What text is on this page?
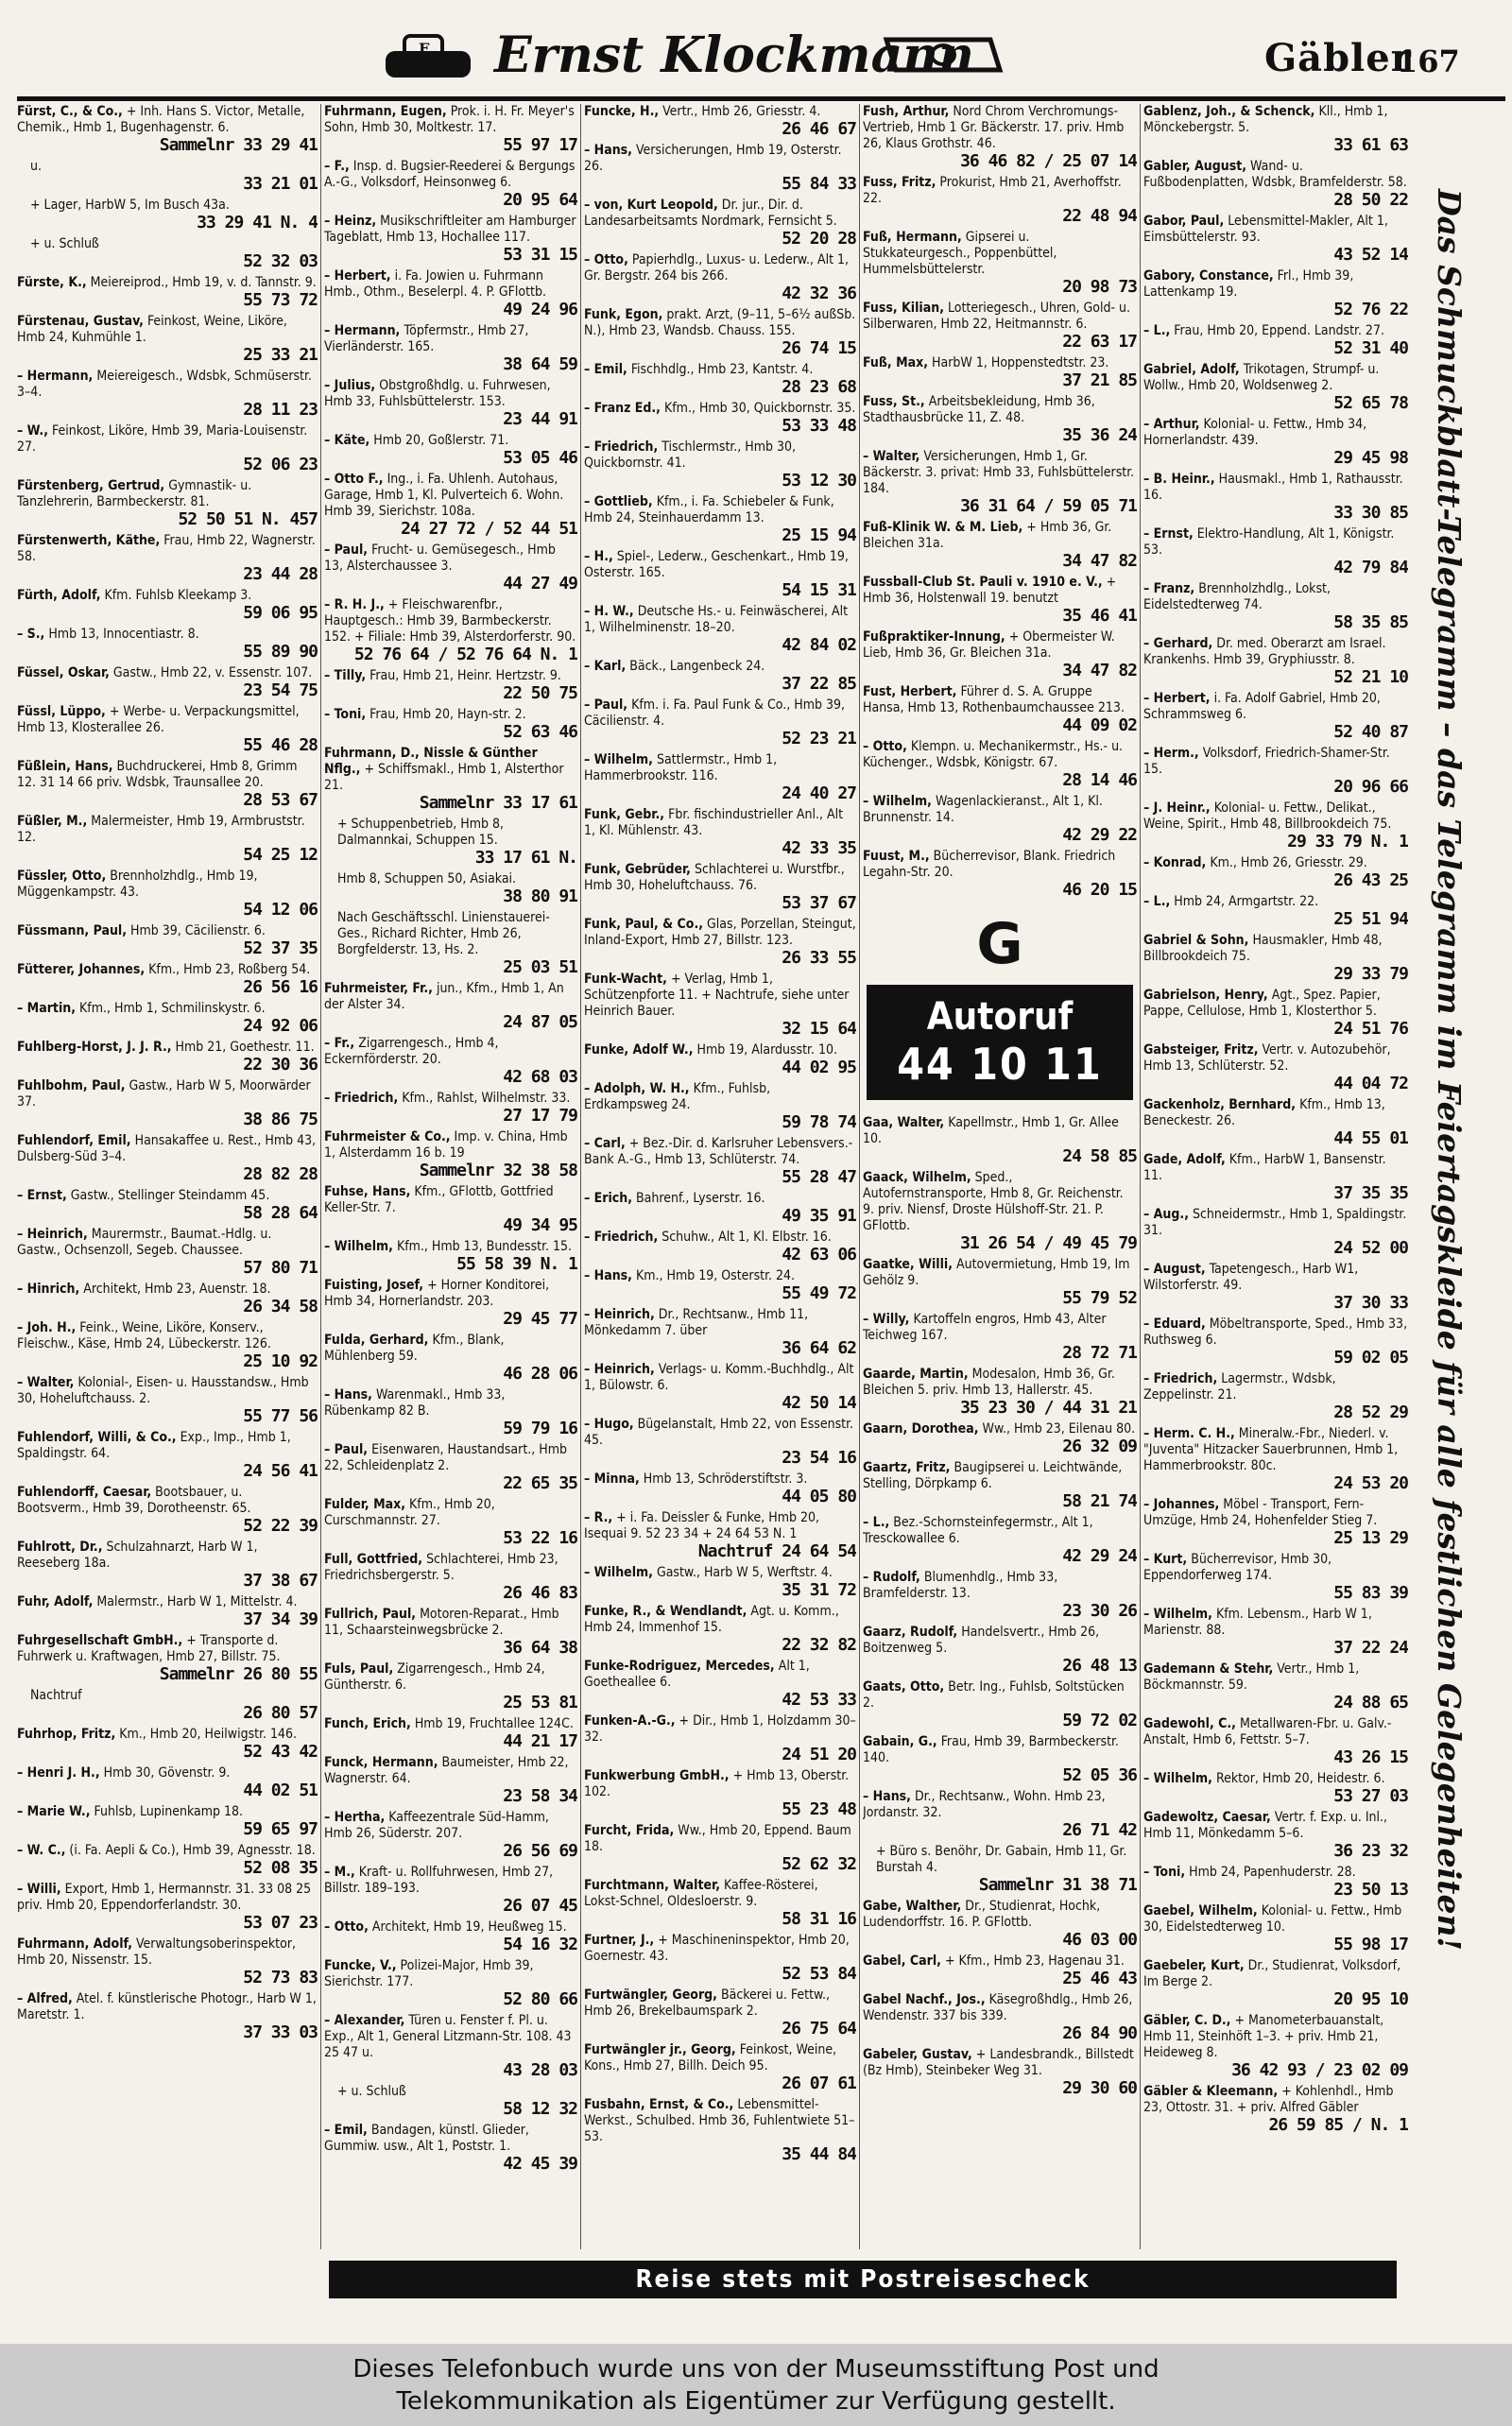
E Ernst Klockmann	Gäbler
167
Fürst, C., & Co., + Inh. Hans S. Victor, Metalle, Chemik., Hmb 1, Bugenhagenstr. 6.
Sammelnr 33 29 41
u.
33 21 01
+ Lager, HarbW 5, Im Busch 43a.
33 29 41 N. 4
+ u. Schluß
52 32 03
Fürste, K., Meiereiprod., Hmb 19, v. d. Tannstr. 9.
55 73 72
Fürstenau, Gustav, Feinkost, Weine, Liköre, Hmb 24, Kuhmühle 1.
25 33 21
– Hermann, Meiereigesch., Wdsbk, Schmüserstr. 3–4.
28 11 23
– W., Feinkost, Liköre, Hmb 39, Maria-Louisenstr. 27.
52 06 23
Fürstenberg, Gertrud, Gymnastik- u. Tanzlehrerin, Barmbeckerstr. 81.
52 50 51 N. 457
Fürstenwerth, Käthe, Frau, Hmb 22, Wagnerstr. 58.
23 44 28
Fürth, Adolf, Kfm. Fuhlsb Kleekamp 3.
59 06 95
– S., Hmb 13, Innocentiastr. 8.
55 89 90
Füssel, Oskar, Gastw., Hmb 22, v. Essenstr. 107.
23 54 75
Füssl, Lüppo, + Werbe- u. Verpackungsmittel, Hmb 13, Klosterallee 26.
55 46 28
Füßlein, Hans, Buchdruckerei, Hmb 8, Grimm 12. 31 14 66 priv. Wdsbk, Traunsallee 20.
28 53 67
Füßler, M., Malermeister, Hmb 19, Armbruststr. 12.
54 25 12
Füssler, Otto, Brennholzhdlg., Hmb 19, Müggenkampstr. 43.
54 12 06
Füssmann, Paul, Hmb 39, Cäcilienstr. 6.
52 37 35
Fütterer, Johannes, Kfm., Hmb 23, Roßberg 54.
26 56 16
– Martin, Kfm., Hmb 1, Schmilinskystr. 6.
24 92 06
Fuhlberg-Horst, J. J. R., Hmb 21, Goethestr. 11.
22 30 36
Fuhlbohm, Paul, Gastw., Harb W 5, Moorwärder 37.
38 86 75
Fuhlendorf, Emil, Hansakaffee u. Rest., Hmb 43, Dulsberg-Süd 3–4.
28 82 28
– Ernst, Gastw., Stellinger Steindamm 45.
58 28 64
– Heinrich, Maurermstr., Baumat.-Hdlg. u. Gastw., Ochsenzoll, Segeb. Chaussee.
57 80 71
– Hinrich, Architekt, Hmb 23, Auenstr. 18.
26 34 58
– Joh. H., Feink., Weine, Liköre, Konserv., Fleischw., Käse, Hmb 24, Lübeckerstr. 126.
25 10 92
– Walter, Kolonial-, Eisen- u. Hausstandsw., Hmb 30, Hoheluftchauss. 2.
55 77 56
Fuhlendorf, Willi, & Co., Exp., Imp., Hmb 1, Spaldingstr. 64.
24 56 41
Fuhlendorff, Caesar, Bootsbauer, u. Bootsverm., Hmb 39, Dorotheenstr. 65.
52 22 39
Fuhlrott, Dr., Schulzahnarzt, Harb W 1, Reeseberg 18a.
37 38 67
Fuhr, Adolf, Malermstr., Harb W 1, Mittelstr. 4.
37 34 39
Fuhrgesellschaft GmbH., + Transporte d. Fuhrwerk u. Kraftwagen, Hmb 27, Billstr. 75.
Sammelnr 26 80 55
Nachtruf
26 80 57
Fuhrhop, Fritz, Km., Hmb 20, Heilwigstr. 146.
52 43 42
– Henri J. H., Hmb 30, Gövenstr. 9.
44 02 51
– Marie W., Fuhlsb, Lupinenkamp 18.
59 65 97
– W. C., (i. Fa. Aepli & Co.), Hmb 39, Agnesstr. 18.
52 08 35
– Willi, Export, Hmb 1, Hermannstr. 31. 33 08 25 priv. Hmb 20, Eppendorferlandstr. 30.
53 07 23
Fuhrmann, Adolf, Verwaltungsoberinspektor, Hmb 20, Nissenstr. 15.
52 73 83
– Alfred, Atel. f. künstlerische Photogr., Harb W 1, Maretstr. 1.
37 33 03
Fuhrmann, Eugen, Prok. i. H. Fr. Meyer's Sohn, Hmb 30, Moltkestr. 17.
55 97 17
– F., Insp. d. Bugsier-Reederei & Bergungs A.-G., Volksdorf, Heinsonweg 6.
20 95 64
– Heinz, Musikschriftleiter am Hamburger Tageblatt, Hmb 13, Hochallee 117.
53 31 15
– Herbert, i. Fa. Jowien u. Fuhrmann Hmb., Othm., Beselerpl. 4. P. GFlottb.
49 24 96
– Hermann, Töpfermstr., Hmb 27, Vierländerstr. 165.
38 64 59
– Julius, Obstgroßhdlg. u. Fuhrwesen, Hmb 33, Fuhlsbüttelerstr. 153.
23 44 91
– Käte, Hmb 20, Goßlerstr. 71.
53 05 46
– Otto F., Ing., i. Fa. Uhlenh. Autohaus, Garage, Hmb 1, Kl. Pulverteich 6. Wohn. Hmb 39, Sierichstr. 108a.
24 27 72 / 52 44 51
– Paul, Frucht- u. Gemüsegesch., Hmb 13, Alsterchaussee 3.
44 27 49
– R. H. J., + Fleischwarenfbr., Hauptgesch.: Hmb 39, Barmbeckerstr. 152. + Filiale: Hmb 39, Alsterdorferstr. 90.
52 76 64 / 52 76 64 N. 1
– Tilly, Frau, Hmb 21, Heinr. Hertzstr. 9.
22 50 75
– Toni, Frau, Hmb 20, Hayn-str. 2.
52 63 46
Fuhrmann, D., Nissle & Günther Nflg., + Schiffsmakl., Hmb 1, Alsterthor 21.
Sammelnr 33 17 61
+ Schuppenbetrieb, Hmb 8, Dalmannkai, Schuppen 15.
33 17 61 N.
Hmb 8, Schuppen 50, Asiakai.
38 80 91
Nach Geschäftsschl. Linienstauerei-Ges., Richard Richter, Hmb 26, Borgfelderstr. 13, Hs. 2.
25 03 51
Fuhrmeister, Fr., jun., Kfm., Hmb 1, An der Alster 34.
24 87 05
– Fr., Zigarrengesch., Hmb 4, Eckernförderstr. 20.
42 68 03
– Friedrich, Kfm., Rahlst, Wilhelmstr. 33.
27 17 79
Fuhrmeister & Co., Imp. v. China, Hmb 1, Alsterdamm 16 b. 19
Sammelnr 32 38 58
Fuhse, Hans, Kfm., GFlottb, Gottfried Keller-Str. 7.
49 34 95
– Wilhelm, Kfm., Hmb 13, Bundesstr. 15.
55 58 39 N. 1
Fuisting, Josef, + Horner Konditorei, Hmb 34, Hornerlandstr. 203.
29 45 77
Fulda, Gerhard, Kfm., Blank, Mühlenberg 59.
46 28 06
– Hans, Warenmakl., Hmb 33, Rübenkamp 82 B.
59 79 16
– Paul, Eisenwaren, Haustandsart., Hmb 22, Schleidenplatz 2.
22 65 35
Fulder, Max, Kfm., Hmb 20, Curschmannstr. 27.
53 22 16
Full, Gottfried, Schlachterei, Hmb 23, Friedrichsbergerstr. 5.
26 46 83
Fullrich, Paul, Motoren-Reparat., Hmb 11, Schaarsteinwegsbrücke 2.
36 64 38
Fuls, Paul, Zigarrengesch., Hmb 24, Güntherstr. 6.
25 53 81
Funch, Erich, Hmb 19, Fruchtallee 124C.
44 21 17
Funck, Hermann, Baumeister, Hmb 22, Wagnerstr. 64.
23 58 34
– Hertha, Kaffeezentrale Süd-Hamm, Hmb 26, Süderstr. 207.
26 56 69
– M., Kraft- u. Rollfuhrwesen, Hmb 27, Billstr. 189–193.
26 07 45
– Otto, Architekt, Hmb 19, Heußweg 15.
54 16 32
Funcke, V., Polizei-Major, Hmb 39, Sierichstr. 177.
52 80 66
– Alexander, Türen u. Fenster f. Pl. u. Exp., Alt 1, General Litzmann-Str. 108. 43 25 47 u.
43 28 03
+ u. Schluß
58 12 32
– Emil, Bandagen, künstl. Glieder, Gummiw. usw., Alt 1, Poststr. 1.
42 45 39
Funcke, H., Vertr., Hmb 26, Griesstr. 4.
26 46 67
– Hans, Versicherungen, Hmb 19, Osterstr. 26.
55 84 33
– von, Kurt Leopold, Dr. jur., Dir. d. Landesarbeitsamts Nordmark, Fernsicht 5.
52 20 28
– Otto, Papierhdlg., Luxus- u. Lederw., Alt 1, Gr. Bergstr. 264 bis 266.
42 32 36
Funk, Egon, prakt. Arzt, (9–11, 5–6½ außSb. N.), Hmb 23, Wandsb. Chauss. 155.
26 74 15
– Emil, Fischhdlg., Hmb 23, Kantstr. 4.
28 23 68
– Franz Ed., Kfm., Hmb 30, Quickbornstr. 35.
53 33 48
– Friedrich, Tischlermstr., Hmb 30, Quickbornstr. 41.
53 12 30
– Gottlieb, Kfm., i. Fa. Schiebeler & Funk, Hmb 24, Steinhauerdamm 13.
25 15 94
– H., Spiel-, Lederw., Geschenkart., Hmb 19, Osterstr. 165.
54 15 31
– H. W., Deutsche Hs.- u. Feinwäscherei, Alt 1, Wilhelminenstr. 18–20.
42 84 02
– Karl, Bäck., Langenbeck 24.
37 22 85
– Paul, Kfm. i. Fa. Paul Funk & Co., Hmb 39, Cäcilienstr. 4.
52 23 21
– Wilhelm, Sattlermstr., Hmb 1, Hammerbrookstr. 116.
24 40 27
Funk, Gebr., Fbr. fischindustrieller Anl., Alt 1, Kl. Mühlenstr. 43.
42 33 35
Funk, Gebrüder, Schlachterei u. Wurstfbr., Hmb 30, Hoheluftchauss. 76.
53 37 67
Funk, Paul, & Co., Glas, Porzellan, Steingut, Inland-Export, Hmb 27, Billstr. 123.
26 33 55
Funk-Wacht, + Verlag, Hmb 1, Schützenpforte 11. + Nachtrufe, siehe unter Heinrich Bauer.
32 15 64
Funke, Adolf W., Hmb 19, Alardusstr. 10.
44 02 95
– Adolph, W. H., Kfm., Fuhlsb, Erdkampsweg 24.
59 78 74
– Carl, + Bez.-Dir. d. Karlsruher Lebensvers.-Bank A.-G., Hmb 13, Schlüterstr. 74.
55 28 47
– Erich, Bahrenf., Lyserstr. 16.
49 35 91
– Friedrich, Schuhw., Alt 1, Kl. Elbstr. 16.
42 63 06
– Hans, Km., Hmb 19, Osterstr. 24.
55 49 72
– Heinrich, Dr., Rechtsanw., Hmb 11, Mönkedamm 7. über
36 64 62
– Heinrich, Verlags- u. Komm.-Buchhdlg., Alt 1, Bülowstr. 6.
42 50 14
– Hugo, Bügelanstalt, Hmb 22, von Essenstr. 45.
23 54 16
– Minna, Hmb 13, Schröderstiftstr. 3.
44 05 80
– R., + i. Fa. Deissler & Funke, Hmb 20, Isequai 9. 52 23 34 + 24 64 53 N. 1
Nachtruf 24 64 54
– Wilhelm, Gastw., Harb W 5, Werftstr. 4.
35 31 72
Funke, R., & Wendlandt, Agt. u. Komm., Hmb 24, Immenhof 15.
22 32 82
Funke-Rodriguez, Mercedes, Alt 1, Goetheallee 6.
42 53 33
Funken-A.-G., + Dir., Hmb 1, Holzdamm 30–32.
24 51 20
Funkwerbung GmbH., + Hmb 13, Oberstr. 102.
55 23 48
Furcht, Frida, Ww., Hmb 20, Eppend. Baum 18.
52 62 32
Furchtmann, Walter, Kaffee-Rösterei, Lokst-Schnel, Oldesloerstr. 9.
58 31 16
Furtner, J., + Maschineninspektor, Hmb 20, Goernestr. 43.
52 53 84
Furtwängler, Georg, Bäckerei u. Fettw., Hmb 26, Brekelbaumspark 2.
26 75 64
Furtwängler jr., Georg, Feinkost, Weine, Kons., Hmb 27, Billh. Deich 95.
26 07 61
Fusbahn, Ernst, & Co., Lebensmittel-Werkst., Schulbed. Hmb 36, Fuhlentwiete 51–53.
35 44 84
Fush, Arthur, Nord Chrom Verchromungs-Vertrieb, Hmb 1 Gr. Bäckerstr. 17. priv. Hmb 26, Klaus Grothstr. 46.
36 46 82 / 25 07 14
Fuss, Fritz, Prokurist, Hmb 21, Averhoffstr. 22.
22 48 94
Fuß, Hermann, Gipserei u. Stukkateurgesch., Poppenbüttel, Hummelsbüttelerstr.
20 98 73
Fuss, Kilian, Lotteriegesch., Uhren, Gold- u. Silberwaren, Hmb 22, Heitmannstr. 6.
22 63 17
Fuß, Max, HarbW 1, Hoppenstedtstr. 23.
37 21 85
Fuss, St., Arbeitsbekleidung, Hmb 36, Stadthausbrücke 11, Z. 48.
35 36 24
– Walter, Versicherungen, Hmb 1, Gr. Bäckerstr. 3. privat: Hmb 33, Fuhlsbüttelerstr. 184.
36 31 64 / 59 05 71
Fuß-Klinik W. & M. Lieb, + Hmb 36, Gr. Bleichen 31a.
34 47 82
Fussball-Club St. Pauli v. 1910 e. V., + Hmb 36, Holstenwall 19. benutzt
35 46 41
Fußpraktiker-Innung, + Obermeister W. Lieb, Hmb 36, Gr. Bleichen 31a.
34 47 82
Fust, Herbert, Führer d. S. A. Gruppe Hansa, Hmb 13, Rothenbaumchaussee 213.
44 09 02
– Otto, Klempn. u. Mechanikermstr., Hs.- u. Küchenger., Wdsbk, Königstr. 67.
28 14 46
– Wilhelm, Wagenlackieranst., Alt 1, Kl. Brunnenstr. 14.
42 29 22
Fuust, M., Bücherrevisor, Blank. Friedrich Legahn-Str. 20.
46 20 15
G
Autoruf
44 10 11
Gaa, Walter, Kapellmstr., Hmb 1, Gr. Allee 10.
24 58 85
Gaack, Wilhelm, Sped., Autofernstransporte, Hmb 8, Gr. Reichenstr. 9. priv. Niensf, Droste Hülshoff-Str. 21. P. GFlottb.
31 26 54 / 49 45 79
Gaatke, Willi, Autovermietung, Hmb 19, Im Gehölz 9.
55 79 52
– Willy, Kartoffeln engros, Hmb 43, Alter Teichweg 167.
28 72 71
Gaarde, Martin, Modesalon, Hmb 36, Gr. Bleichen 5. priv. Hmb 13, Hallerstr. 45.
35 23 30 / 44 31 21
Gaarn, Dorothea, Ww., Hmb 23, Eilenau 80.
26 32 09
Gaartz, Fritz, Baugipserei u. Leichtwände, Stelling, Dörpkamp 6.
58 21 74
– L., Bez.-Schornsteinfegermstr., Alt 1, Tresckowallee 6.
42 29 24
– Rudolf, Blumenhdlg., Hmb 33, Bramfelderstr. 13.
23 30 26
Gaarz, Rudolf, Handelsvertr., Hmb 26, Boitzenweg 5.
26 48 13
Gaats, Otto, Betr. Ing., Fuhlsb, Soltstücken 2.
59 72 02
Gabain, G., Frau, Hmb 39, Barmbeckerstr. 140.
52 05 36
– Hans, Dr., Rechtsanw., Wohn. Hmb 23, Jordanstr. 32.
26 71 42
+ Büro s. Benöhr, Dr. Gabain, Hmb 11, Gr. Burstah 4.
Sammelnr 31 38 71
Gabe, Walther, Dr., Studienrat, Hochk, Ludendorffstr. 16. P. GFlottb.
46 03 00
Gabel, Carl, + Kfm., Hmb 23, Hagenau 31.
25 46 43
Gabel Nachf., Jos., Käsegroßhdlg., Hmb 26, Wendenstr. 337 bis 339.
26 84 90
Gabeler, Gustav, + Landesbrandk., Billstedt (Bz Hmb), Steinbeker Weg 31.
29 30 60
Gablenz, Joh., & Schenck, Kll., Hmb 1, Mönckebergstr. 5.
33 61 63
Gabler, August, Wand- u. Fußbodenplatten, Wdsbk, Bramfelderstr. 58.
28 50 22
Gabor, Paul, Lebensmittel-Makler, Alt 1, Eimsbüttelerstr. 93.
43 52 14
Gabory, Constance, Frl., Hmb 39, Lattenkamp 19.
52 76 22
– L., Frau, Hmb 20, Eppend. Landstr. 27.
52 31 40
Gabriel, Adolf, Trikotagen, Strumpf- u. Wollw., Hmb 20, Woldsenweg 2.
52 65 78
– Arthur, Kolonial- u. Fettw., Hmb 34, Hornerlandstr. 439.
29 45 98
– B. Heinr., Hausmakl., Hmb 1, Rathausstr. 16.
33 30 85
– Ernst, Elektro-Handlung, Alt 1, Königstr. 53.
42 79 84
– Franz, Brennholzhdlg., Lokst, Eidelstedterweg 74.
58 35 85
– Gerhard, Dr. med. Oberarzt am Israel. Krankenhs. Hmb 39, Gryphiusstr. 8.
52 21 10
– Herbert, i. Fa. Adolf Gabriel, Hmb 20, Schrammsweg 6.
52 40 87
– Herm., Volksdorf, Friedrich-Shamer-Str. 15.
20 96 66
– J. Heinr., Kolonial- u. Fettw., Delikat., Weine, Spirit., Hmb 48, Billbrookdeich 75.
29 33 79 N. 1
– Konrad, Km., Hmb 26, Griesstr. 29.
26 43 25
– L., Hmb 24, Armgartstr. 22.
25 51 94
Gabriel & Sohn, Hausmakler, Hmb 48, Billbrookdeich 75.
29 33 79
Gabrielson, Henry, Agt., Spez. Papier, Pappe, Cellulose, Hmb 1, Klosterthor 5.
24 51 76
Gabsteiger, Fritz, Vertr. v. Autozubehör, Hmb 13, Schlüterstr. 52.
44 04 72
Gackenholz, Bernhard, Kfm., Hmb 13, Beneckestr. 26.
44 55 01
Gade, Adolf, Kfm., HarbW 1, Bansenstr. 11.
37 35 35
– Aug., Schneidermstr., Hmb 1, Spaldingstr. 31.
24 52 00
– August, Tapetengesch., Harb W1, Wilstorferstr. 49.
37 30 33
– Eduard, Möbeltransporte, Sped., Hmb 33, Ruthsweg 6.
59 02 05
– Friedrich, Lagermstr., Wdsbk, Zeppelinstr. 21.
28 52 29
– Herm. C. H., Mineralw.-Fbr., Niederl. v. "Juventa" Hitzacker Sauerbrunnen, Hmb 1, Hammerbrookstr. 80c.
24 53 20
– Johannes, Möbel - Transport, Fern-Umzüge, Hmb 24, Hohenfelder Stieg 7.
25 13 29
– Kurt, Bücherrevisor, Hmb 30, Eppendorferweg 174.
55 83 39
– Wilhelm, Kfm. Lebensm., Harb W 1, Marienstr. 88.
37 22 24
Gademann & Stehr, Vertr., Hmb 1, Böckmannstr. 59.
24 88 65
Gadewohl, C., Metallwaren-Fbr. u. Galv.-Anstalt, Hmb 6, Fettstr. 5–7.
43 26 15
– Wilhelm, Rektor, Hmb 20, Heidestr. 6.
53 27 03
Gadewoltz, Caesar, Vertr. f. Exp. u. Inl., Hmb 11, Mönkedamm 5–6.
36 23 32
– Toni, Hmb 24, Papenhuderstr. 28.
23 50 13
Gaebel, Wilhelm, Kolonial- u. Fettw., Hmb 30, Eidelstedterweg 10.
55 98 17
Gaebeler, Kurt, Dr., Studienrat, Volksdorf, Im Berge 2.
20 95 10
Gäbler, C. D., + Manometerbauanstalt, Hmb 11, Steinhöft 1–3. + priv. Hmb 21, Heideweg 8.
36 42 93 / 23 02 09
Gäbler & Kleemann, + Kohlenhdl., Hmb 23, Ottostr. 31. + priv. Alfred Gäbler
26 59 85 / N. 1
Das Schmuckblatt-Telegramm – das Telegramm im Feiertagskleide für alle festlichen Gelegenheiten!
Reise stets mit Postreisescheck
Dieses Telefonbuch wurde uns von der Museumsstiftung Post und
Telekommunikation als Eigentümer zur Verfügung gestellt.
